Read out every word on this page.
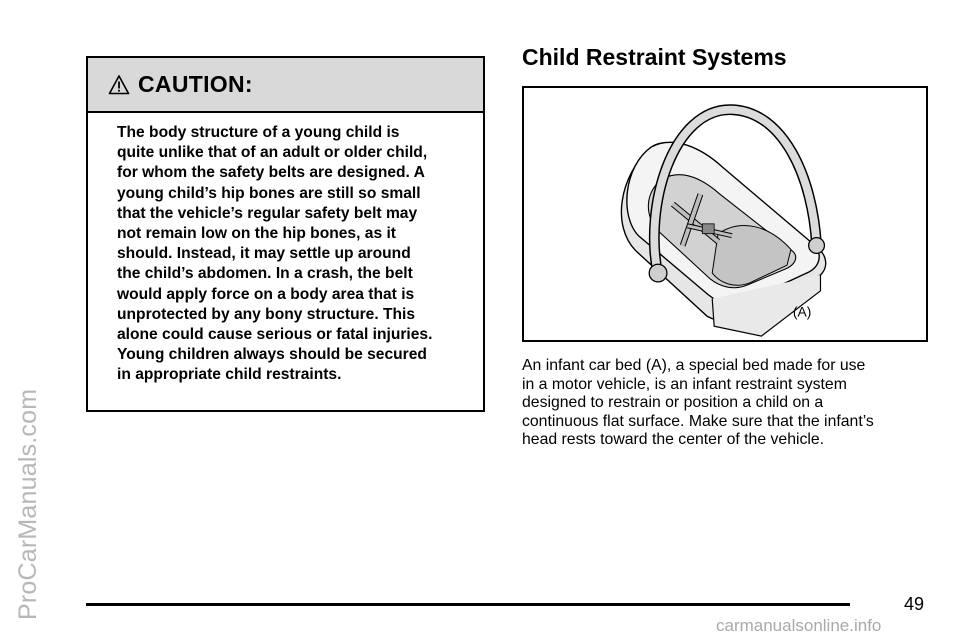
ProCarManuals.com
CAUTION:
The body structure of a young child is
quite unlike that of an adult or older child,
for whom the safety belts are designed. A
young child’s hip bones are still so small
that the vehicle’s regular safety belt may
not remain low on the hip bones, as it
should. Instead, it may settle up around
the child’s abdomen. In a crash, the belt
would apply force on a body area that is
unprotected by any bony structure. This
alone could cause serious or fatal injuries.
Young children always should be secured
in appropriate child restraints.
Child Restraint Systems
(A)
An infant car bed (A), a special bed made for use
in a motor vehicle, is an infant restraint system
designed to restrain or position a child on a
continuous flat surface. Make sure that the infant’s
head rests toward the center of the vehicle.
49
carmanualsonline.info
